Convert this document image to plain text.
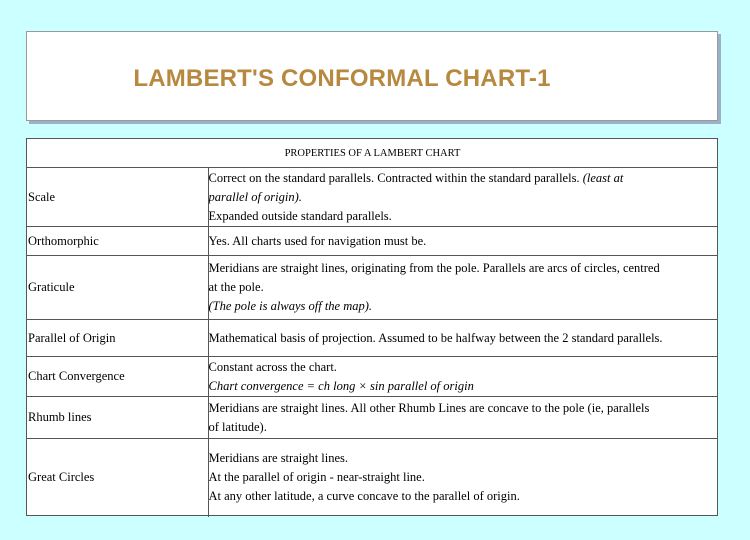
LAMBERT'S CONFORMAL CHART-1
PROPERTIES OF A LAMBERT CHART	
Scale	Correct on the standard parallels. Contracted within the standard parallels. (least at
parallel of origin).
Expanded outside standard parallels.

Orthomorphic	Yes. All charts used for navigation must be.

Graticule	Meridians are straight lines, originating from the pole. Parallels are arcs of circles, centred
at the pole.
(The pole is always off the map).

Parallel of Origin	Mathematical basis of projection. Assumed to be halfway between the 2 standard parallels.

Chart Convergence	Constant across the chart.
Chart convergence = ch long × sin parallel of origin

Rhumb lines	Meridians are straight lines. All other Rhumb Lines are concave to the pole (ie, parallels
of latitude).

Great Circles	Meridians are straight lines.
At the parallel of origin - near-straight line.
At any other latitude, a curve concave to the parallel of origin.
